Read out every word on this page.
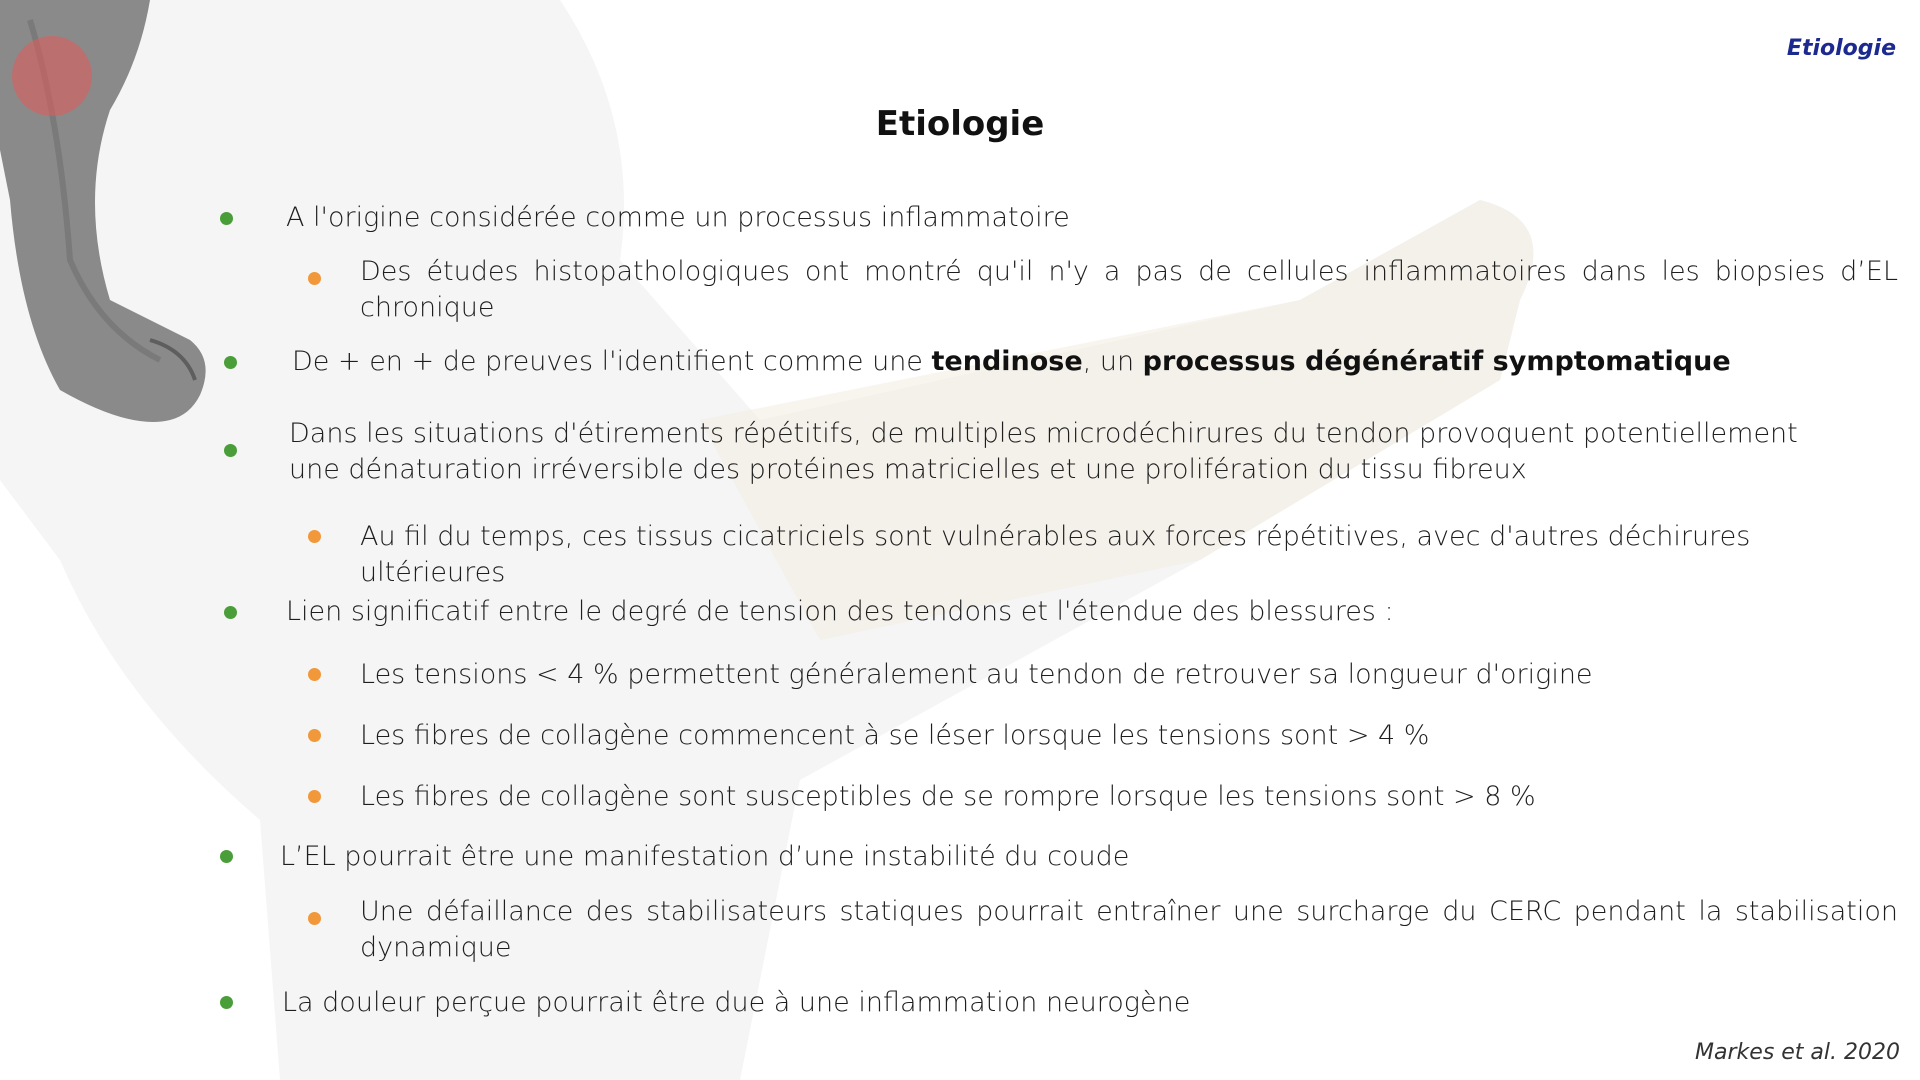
Etiologie
Etiologie
A l'origine considérée comme un processus inflammatoire
Des études histopathologiques ont montré qu'il n'y a pas de cellules inflammatoires dans les biopsies d’EL chronique
De + en + de preuves l'identifient comme une tendinose, un processus dégénératif symptomatique
Dans les situations d'étirements répétitifs, de multiples microdéchirures du tendon provoquent potentiellement une dénaturation irréversible des protéines matricielles et une prolifération du tissu fibreux
Au fil du temps, ces tissus cicatriciels sont vulnérables aux forces répétitives, avec d'autres déchirures ultérieures
Lien significatif entre le degré de tension des tendons et l'étendue des blessures :
Les tensions < 4 % permettent généralement au tendon de retrouver sa longueur d'origine
Les fibres de collagène commencent à se léser lorsque les tensions sont > 4 %
Les fibres de collagène sont susceptibles de se rompre lorsque les tensions sont > 8 %
L’EL pourrait être une manifestation d’une instabilité du coude
Une défaillance des stabilisateurs statiques pourrait entraîner une surcharge du CERC pendant la stabilisation dynamique
La douleur perçue pourrait être due à une inflammation neurogène
Markes et al. 2020
